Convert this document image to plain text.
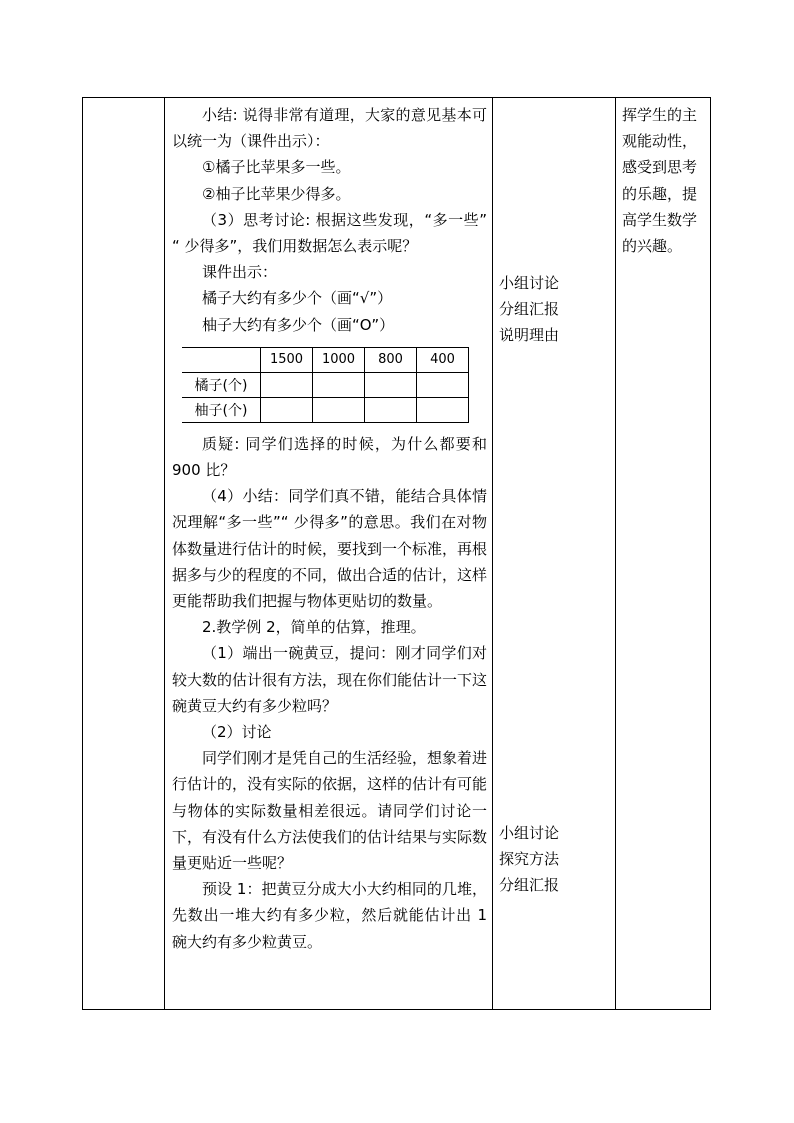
小结: 说得非常有道理，大家的意见基本可以统一为（课件出示）：

①橘子比苹果多一些。
②柚子比苹果少得多。

（3）思考讨论: 根据这些发现，“多一些” “ 少得多”，我们用数据怎么表示呢？

课件出示：
橘子大约有多少个（画“√”）
柚子大约有多少个（画“O”）
	1500	1000	800	400
橘子(个)				
柚子(个)				

质疑: 同学们选择的时候，为什么都要和 900 比？

（4）小结：同学们真不错，能结合具体情况理解“多一些”“ 少得多”的意思。我们在对物体数量进行估计的时候，要找到一个标准，再根据多与少的程度的不同，做出合适的估计，这样更能帮助我们把握与物体更贴切的数量。

2.教学例 2，简单的估算，推理。

（1）端出一碗黄豆，提问：刚才同学们对较大数的估计很有方法，现在你们能估计一下这碗黄豆大约有多少粒吗？

（2）讨论

同学们刚才是凭自己的生活经验，想象着进行估计的，没有实际的依据，这样的估计有可能与物体的实际数量相差很远。请同学们讨论一下，有没有什么方法使我们的估计结果与实际数量更贴近一些呢？

预设 1：把黄豆分成大小大约相同的几堆，先数出一堆大约有多少粒，然后就能估计出 1 碗大约有多少粒黄豆。

小组讨论
分组汇报
说明理由
小组讨论
探究方法
分组汇报
挥学生的主观能动性，感受到思考的乐趣，提高学生数学的兴趣。
